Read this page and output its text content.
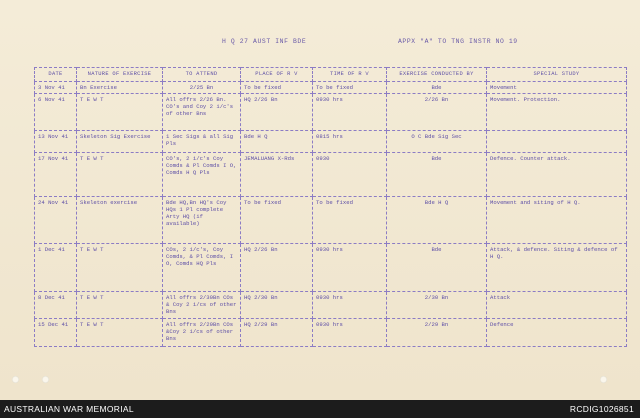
H Q 27 AUST INF BDE	APPX "A" TO TNG INSTR NO 19
DATE	NATURE OF EXERCISE	TO ATTEND	PLACE OF R V	TIME OF R V	EXERCISE CONDUCTED BY	SPECIAL STUDY
3 Nov 41	Bn Exercise	2/25 Bn	To be fixed	To be fixed	Bde	Movement
6 Nov 41	T E W T	All offrs 2/26 Bn. CO's and Coy 2 i/c's of other Bns	HQ 2/26 Bn	0930 hrs	2/26 Bn	Movement. Protection.
13 Nov 41	Skeleton Sig Exercise	1 Sec Sigs & all Sig Pls	Bde H Q	0815 hrs	O C Bde Sig Sec	
17 Nov 41	T E W T	CO's, 2 i/c's Coy Comds & Pl Comds I O, Comds H Q Pls	JEMALUANG X-Rds	0930	Bde	Defence. Counter attack.
24 Nov 41	Skeleton exercise	Bde HQ,Bn HQ's Coy HQs 1 Pl complete Arty HQ (if available)	To be fixed	To be fixed	Bde H Q	Movement and siting of H Q.
1 Dec 41	T E W T	COs, 2 i/c's, Coy Comds, & Pl Comds, I O, Comds HQ Pls	HQ 2/26 Bn	0930 hrs	Bde	Attack, & defence. Siting & defence of H Q.
8 Dec 41	T E W T	All offrs 2/30Bn COs & Coy 2 i/cs of other Bns	HQ 2/30 Bn	0930 hrs	2/30 Bn	Attack
15 Dec 41	T E W T	All offrs 2/29Bn COs &Coy 2 i/cs of other Bns	HQ 2/29 Bn	0930 hrs	2/29 Bn	Defence
AUSTRALIAN WAR MEMORIAL	RCDIG1026851
